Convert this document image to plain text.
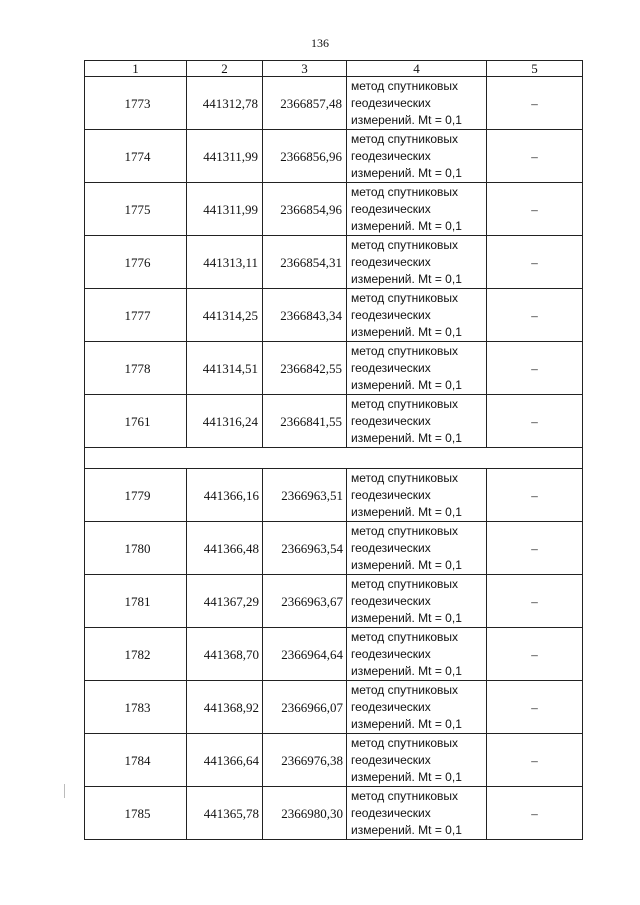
136
1	2	3	4	5
1773	441312,78	2366857,48	метод спутниковых
геодезических
измерений. Mt = 0,1	–
1774	441311,99	2366856,96	метод спутниковых
геодезических
измерений. Mt = 0,1	–
1775	441311,99	2366854,96	метод спутниковых
геодезических
измерений. Mt = 0,1	–
1776	441313,11	2366854,31	метод спутниковых
геодезических
измерений. Mt = 0,1	–
1777	441314,25	2366843,34	метод спутниковых
геодезических
измерений. Mt = 0,1	–
1778	441314,51	2366842,55	метод спутниковых
геодезических
измерений. Mt = 0,1	–
1761	441316,24	2366841,55	метод спутниковых
геодезических
измерений. Mt = 0,1	–

1779	441366,16	2366963,51	метод спутниковых
геодезических
измерений. Mt = 0,1	–
1780	441366,48	2366963,54	метод спутниковых
геодезических
измерений. Mt = 0,1	–
1781	441367,29	2366963,67	метод спутниковых
геодезических
измерений. Mt = 0,1	–
1782	441368,70	2366964,64	метод спутниковых
геодезических
измерений. Mt = 0,1	–
1783	441368,92	2366966,07	метод спутниковых
геодезических
измерений. Mt = 0,1	–
1784	441366,64	2366976,38	метод спутниковых
геодезических
измерений. Mt = 0,1	–
1785	441365,78	2366980,30	метод спутниковых
геодезических
измерений. Mt = 0,1	–
